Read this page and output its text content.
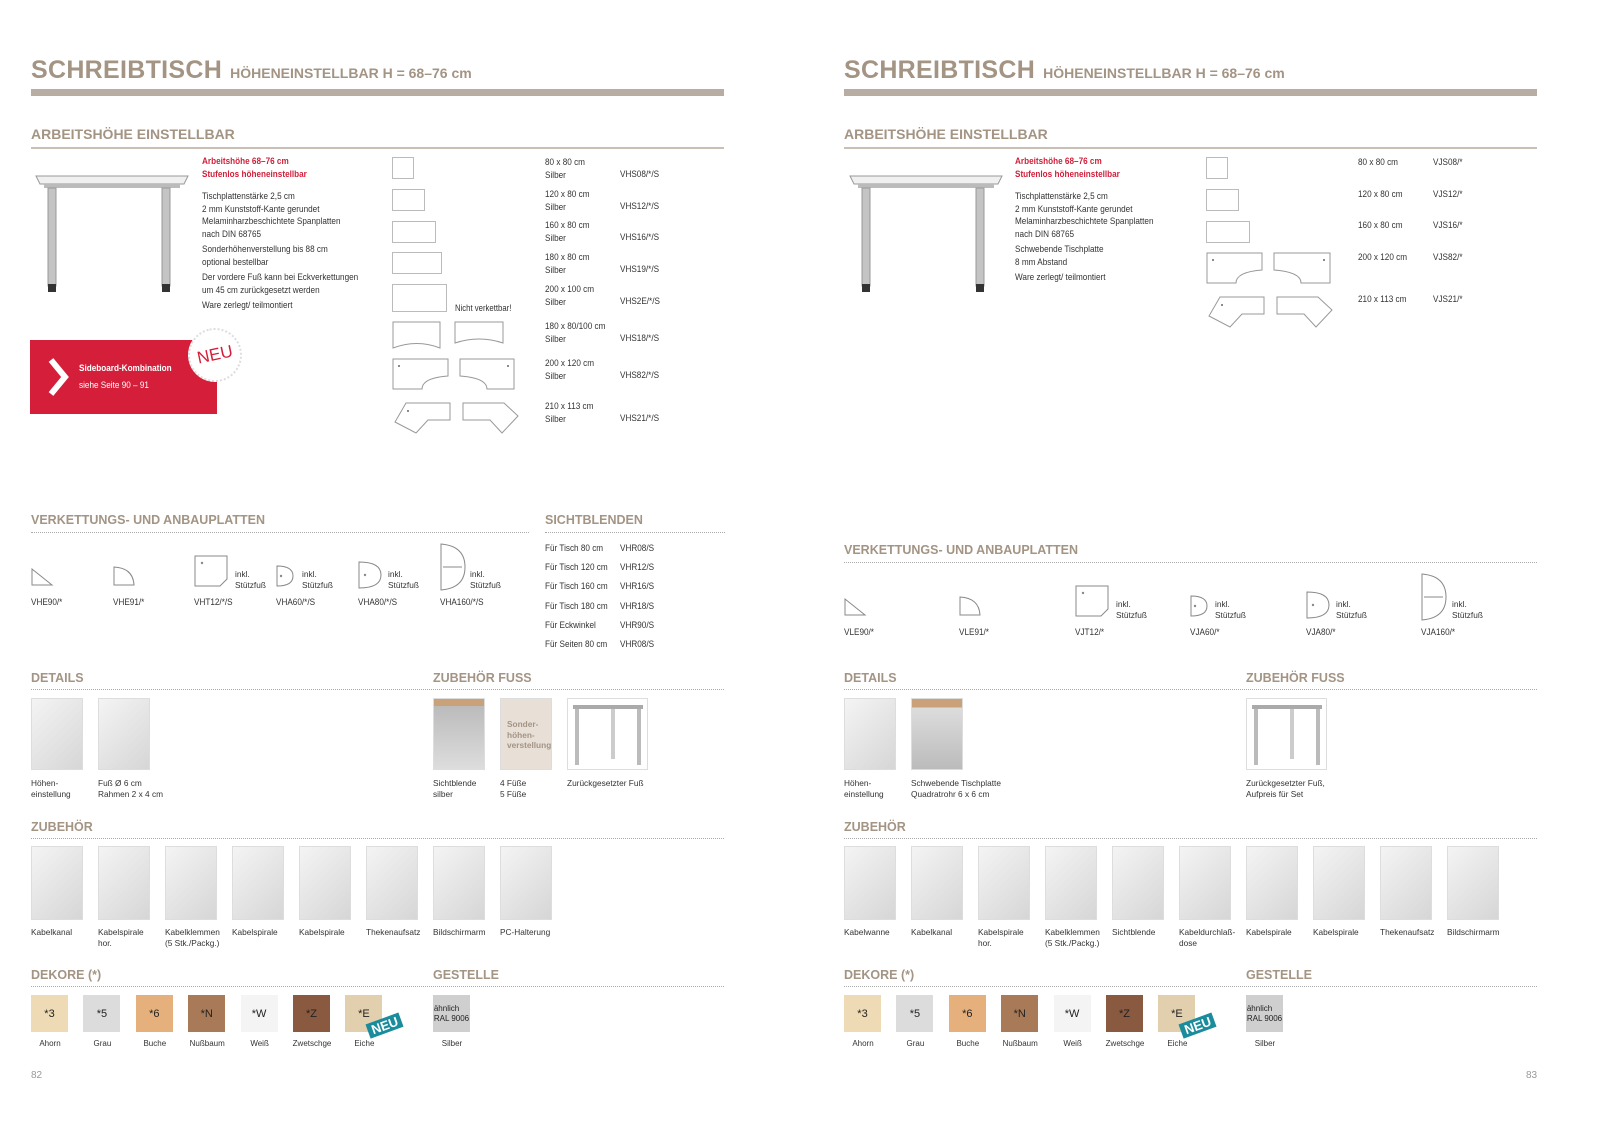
SCHREIBTISCH HÖHENEINSTELLBAR H = 68–76 cm
ARBEITSHÖHE EINSTELLBAR
Arbeitshöhe 68–76 cm
Stufenlos höheneinstellbar
Tischplattenstärke 2,5 cm
2 mm Kunststoff-Kante gerundet
Melaminharzbeschichtete Spanplatten
nach DIN 68765
Sonderhöhenverstellung bis 88 cm
optional bestellbar
Der vordere Fuß kann bei Eckverkettungen
um 45 cm zurückgesetzt werden
Ware zerlegt/ teilmontiert
Sideboard-Kombination
siehe Seite 90 – 91
NEU
Nicht verkettbar!
80 x 80 cm
Silber	VHS08/*/S
120 x 80 cm
Silber	VHS12/*/S
160 x 80 cm
Silber	VHS16/*/S
180 x 80 cm
Silber	VHS19/*/S
200 x 100 cm
Silber	VHS2E/*/S
180 x 80/100 cm
Silber	VHS18/*/S
200 x 120 cm
Silber	VHS82/*/S
210 x 113 cm
Silber	VHS21/*/S
VERKETTUNGS- UND ANBAUPLATTEN
inkl.
Stützfuß
inkl.
Stützfuß
inkl.
Stützfuß
inkl.
Stützfuß
VHE90/*	VHE91/*	VHT12/*/S	VHA60/*/S	VHA80/*/S	VHA160/*/S
SICHTBLENDEN
Für Tisch 80 cm VHR08/S
Für Tisch 120 cm VHR12/S
Für Tisch 160 cm VHR16/S
Für Tisch 180 cm VHR18/S
Für Eckwinkel	VHR90/S
Für Seiten 80 cm VHR08/S
DETAILS
Höhen-
einstellung
Fuß Ø 6 cm
Rahmen 2 x 4 cm
ZUBEHÖR FUSS
Sonder-
höhen-
verstellung
Sichtblende
silber
4 Füße
5 Füße
Zurückgesetzter Fuß
ZUBEHÖR
Kabelkanal	Kabelspirale
hor.
Kabelklemmen
(5 Stk./Packg.)
Kabelspirale	Kabelspirale	Thekenaufsatz Bildschirmarm PC-Halterung
DEKORE (*)	GESTELLE
*3
Ahorn
*5
Grau
*6
Buche
*N
Nußbaum
*W
Weiß
*Z
Zwetschge
*E
Eiche
NEU
ähnlich
RAL 9006
Silber
82
SCHREIBTISCH HÖHENEINSTELLBAR H = 68–76 cm
ARBEITSHÖHE EINSTELLBAR
Arbeitshöhe 68–76 cm
Stufenlos höheneinstellbar
Tischplattenstärke 2,5 cm
2 mm Kunststoff-Kante gerundet
Melaminharzbeschichtete Spanplatten
nach DIN 68765
Schwebende Tischplatte
8 mm Abstand
Ware zerlegt/ teilmontiert
80 x 80 cm	VJS08/*
120 x 80 cm	VJS12/*
160 x 80 cm	VJS16/*
200 x 120 cm	VJS82/*
210 x 113 cm	VJS21/*
VERKETTUNGS- UND ANBAUPLATTEN
inkl.
Stützfuß
inkl.
Stützfuß
inkl.
Stützfuß
inkl.
Stützfuß
VLE90/*	VLE91/*	VJT12/*	VJA60/*	VJA80/*	VJA160/*
DETAILS
Höhen-
einstellung
Schwebende Tischplatte
Quadratrohr 6 x 6 cm
ZUBEHÖR FUSS
Zurückgesetzter Fuß,
Aufpreis für Set
ZUBEHÖR
Kabelwanne	Kabelkanal	Kabelspirale
hor.
Kabelklemmen
(5 Stk./Packg.)
Sichtblende	Kabeldurchlaß-
dose
Kabelspirale	Kabelspirale	Thekenaufsatz Bildschirmarm
DEKORE (*)	GESTELLE
*3
Ahorn
*5
Grau
*6
Buche
*N
Nußbaum
*W
Weiß
*Z
Zwetschge
*E
Eiche
NEU
ähnlich
RAL 9006
Silber
83
